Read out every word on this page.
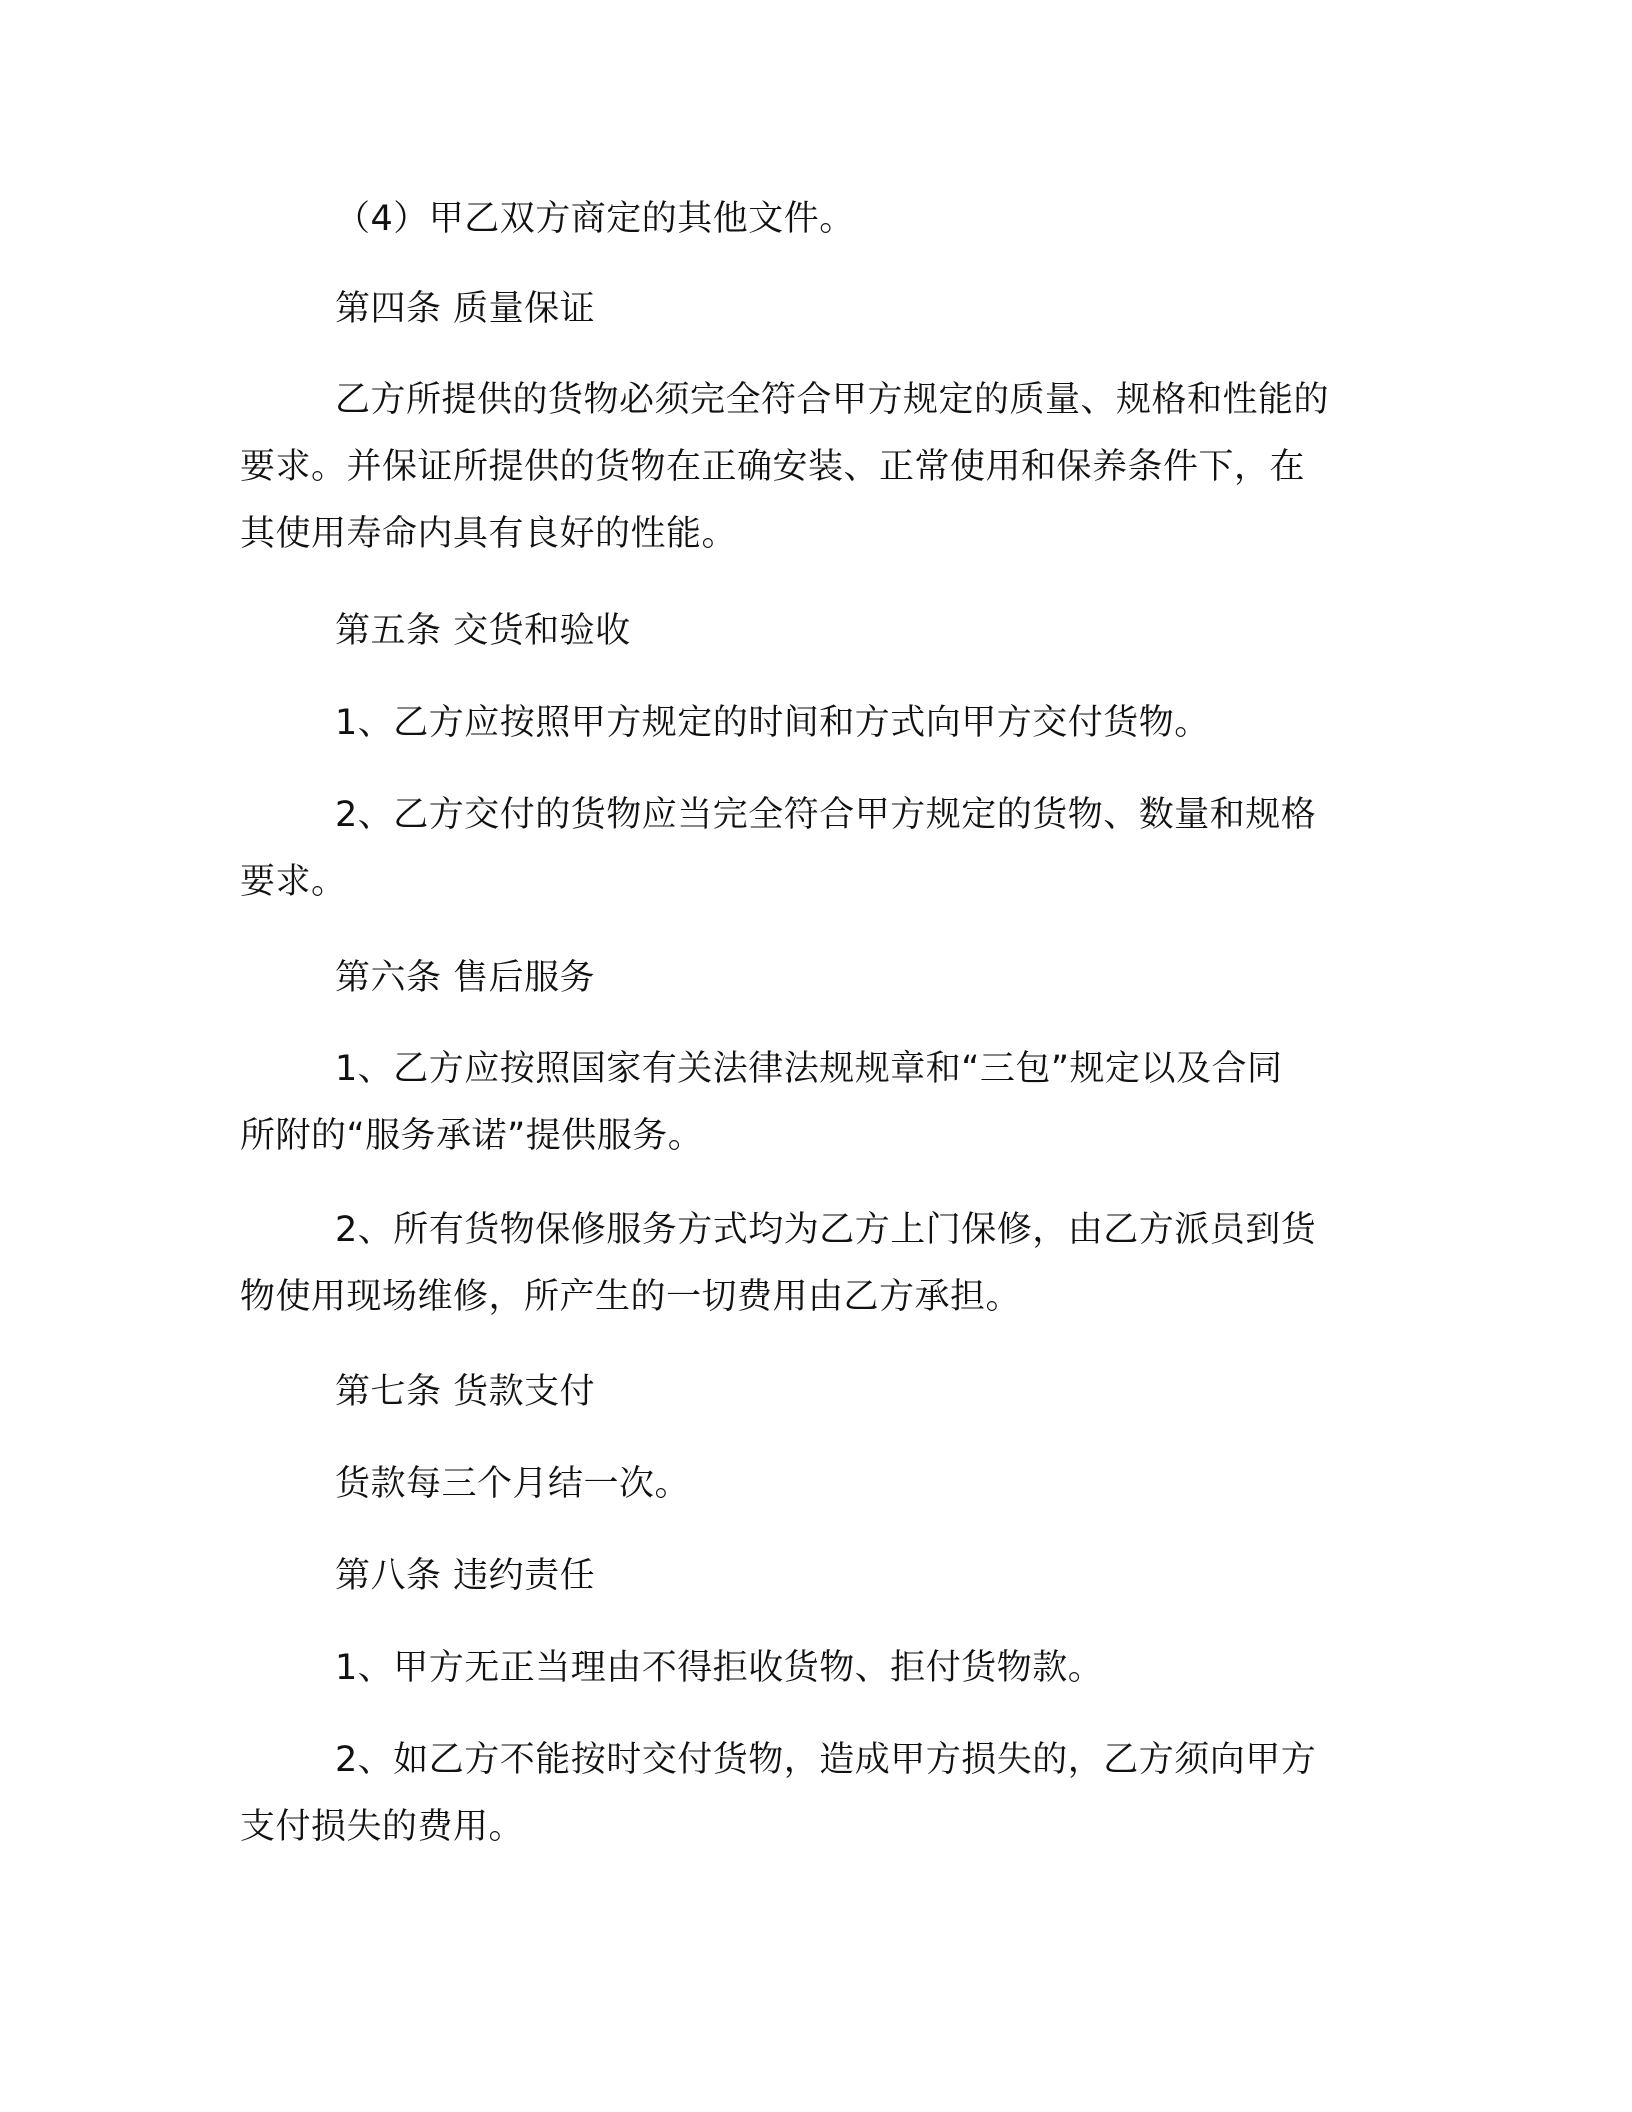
（4）甲乙双方商定的其他文件。

第四条 质量保证

乙方所提供的货物必须完全符合甲方规定的质量、规格和性能的
要求。并保证所提供的货物在正确安装、正常使用和保养条件下，在
其使用寿命内具有良好的性能。

第五条 交货和验收

1、乙方应按照甲方规定的时间和方式向甲方交付货物。

2、乙方交付的货物应当完全符合甲方规定的货物、数量和规格
要求。

第六条 售后服务

1、乙方应按照国家有关法律法规规章和“三包”规定以及合同
所附的“服务承诺”提供服务。
2、所有货物保修服务方式均为乙方上门保修，由乙方派员到货
物使用现场维修，所产生的一切费用由乙方承担。

第七条 货款支付

货款每三个月结一次。

第八条 违约责任

1、甲方无正当理由不得拒收货物、拒付货物款。

2、如乙方不能按时交付货物，造成甲方损失的，乙方须向甲方
支付损失的费用。
